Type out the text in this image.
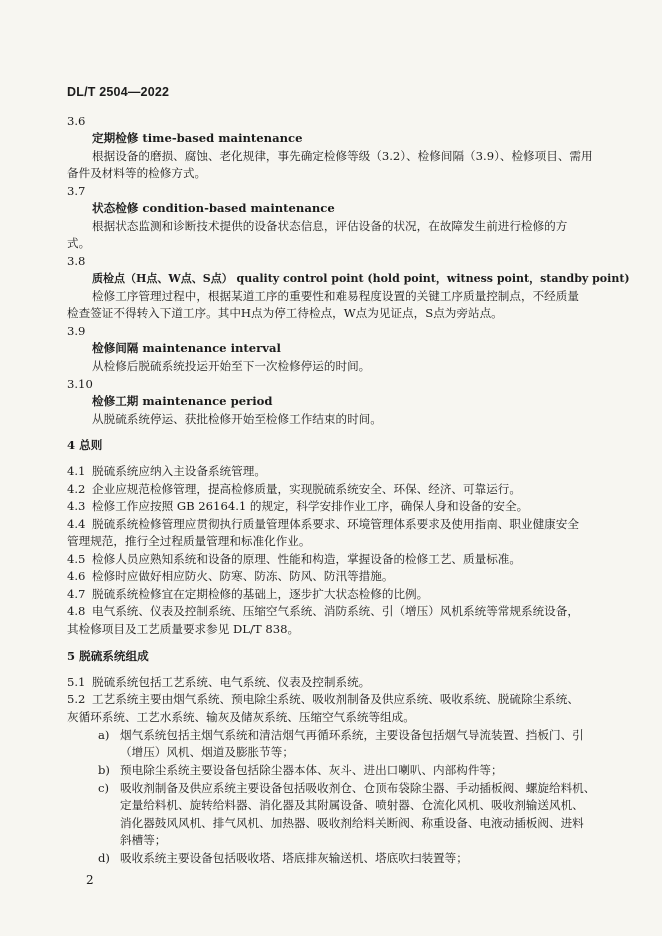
DL/T 2504—2022
3.6
定期检修 time-based maintenance
根据设备的磨损、腐蚀、老化规律，事先确定检修等级（3.2）、检修间隔（3.9）、检修项目、需用
备件及材料等的检修方式。
3.7
状态检修 condition-based maintenance
根据状态监测和诊断技术提供的设备状态信息，评估设备的状况，在故障发生前进行检修的方
式。
3.8
质检点（H点、W点、S点） quality control point (hold point，witness point，standby point)
检修工序管理过程中，根据某道工序的重要性和难易程度设置的关键工序质量控制点，不经质量
检查签证不得转入下道工序。其中H点为停工待检点，W点为见证点，S点为旁站点。
3.9
检修间隔 maintenance interval
从检修后脱硫系统投运开始至下一次检修停运的时间。
3.10
检修工期 maintenance period
从脱硫系统停运、获批检修开始至检修工作结束的时间。
4 总则
4.1 脱硫系统应纳入主设备系统管理。
4.2 企业应规范检修管理，提高检修质量，实现脱硫系统安全、环保、经济、可靠运行。
4.3 检修工作应按照 GB 26164.1 的规定，科学安排作业工序，确保人身和设备的安全。
4.4 脱硫系统检修管理应贯彻执行质量管理体系要求、环境管理体系要求及使用指南、职业健康安全
管理规范，推行全过程质量管理和标准化作业。
4.5 检修人员应熟知系统和设备的原理、性能和构造，掌握设备的检修工艺、质量标准。
4.6 检修时应做好相应防火、防寒、防冻、防风、防汛等措施。
4.7 脱硫系统检修宜在定期检修的基础上，逐步扩大状态检修的比例。
4.8 电气系统、仪表及控制系统、压缩空气系统、消防系统、引（增压）风机系统等常规系统设备，
其检修项目及工艺质量要求参见 DL/T 838。
5 脱硫系统组成
5.1 脱硫系统包括工艺系统、电气系统、仪表及控制系统。
5.2 工艺系统主要由烟气系统、预电除尘系统、吸收剂制备及供应系统、吸收系统、脱硫除尘系统、
灰循环系统、工艺水系统、输灰及储灰系统、压缩空气系统等组成。
a) 烟气系统包括主烟气系统和清洁烟气再循环系统，主要设备包括烟气导流装置、挡板门、引
（增压）风机、烟道及膨胀节等；
b) 预电除尘系统主要设备包括除尘器本体、灰斗、进出口喇叭、内部构件等；
c) 吸收剂制备及供应系统主要设备包括吸收剂仓、仓顶布袋除尘器、手动插板阀、螺旋给料机、
定量给料机、旋转给料器、消化器及其附属设备、喷射器、仓流化风机、吸收剂输送风机、
消化器鼓风风机、排气风机、加热器、吸收剂给料关断阀、称重设备、电液动插板阀、进料
斜槽等；
d) 吸收系统主要设备包括吸收塔、塔底排灰输送机、塔底吹扫装置等；
2
